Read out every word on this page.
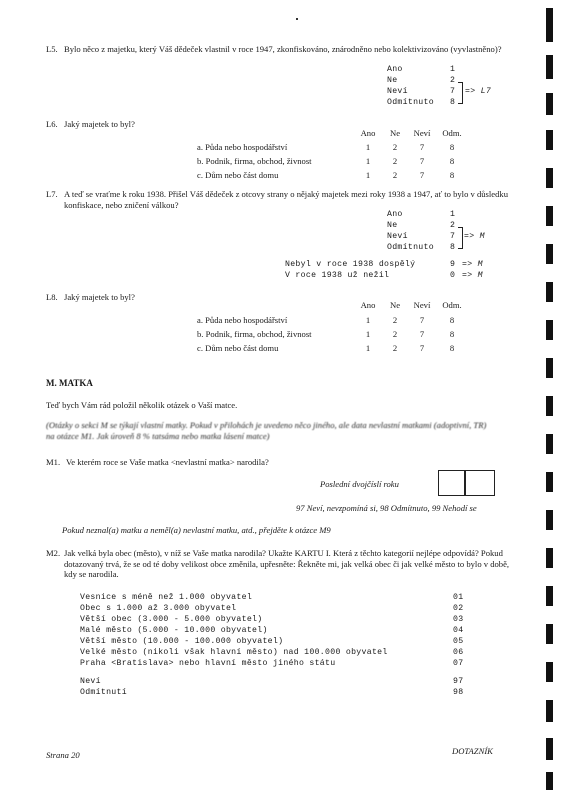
L5. Bylo něco z majetku, který Váš dědeček vlastnil v roce 1947, zkonfiskováno, znárodněno nebo kolektivizováno (vyvlastněno)?
Ano	1
Ne	2
Neví	7
Odmítnuto 8
=> L7
L6. Jaký majetek to byl?
Ano	Ne	Neví	Odm.
a. Půda nebo hospodářství	1	2	7	8
b. Podnik, firma, obchod, živnost	1	2	7	8
c. Dům nebo část domu	1	2	7	8
L7. A teď se vraťme k roku 1938. Přišel Váš dědeček z otcovy strany o nějaký majetek mezi roky 1938 a 1947, ať to bylo v důsledku konfiskace, nebo zničení válkou?
Ano	1
Ne	2
Neví	7
Odmítnuto 8
=> M
Nebyl v roce 1938 dospělý	9 => M
V roce 1938 už nežil	0 => M
L8. Jaký majetek to byl?
Ano	Ne	Neví	Odm.
a. Půda nebo hospodářství	1	2	7	8
b. Podnik, firma, obchod, živnost	1	2	7	8
c. Dům nebo část domu	1	2	7	8
M. MATKA
Teď bych Vám rád položil několik otázek o Vaší matce.
(Otázky o sekci M se týkají vlastní matky. Pokud v přilohách je uvedeno něco jiného, ale data nevlastní matkami (adoptivní, TR)
na otázce M1. Jak úroveň 8 % tatsáma nebo matka lásení matce)
M1. Ve kterém roce se Vaše matka <nevlastní matka> narodila?
Poslední dvojčíslí roku
97 Neví, nevzpomíná si, 98 Odmítnuto, 99 Nehodí se
Pokud neznal(a) matku a neměl(a) nevlastní matku, atd., přejděte k otázce M9
M2. Jak velká byla obec (město), v níž se Vaše matka narodila? Ukažte KARTU I. Která z těchto kategorií nejlépe odpovídá? Pokud dotazovaný trvá, že se od té doby velikost obce změnila, upřesněte: Řekněte mi, jak velká obec či jak velké město to bylo v době, kdy se narodila.
Vesnice s méně než 1.000 obyvatel	01
Obec s 1.000 až 3.000 obyvatel	02
Větší obec (3.000 - 5.000 obyvatel)	03
Malé město (5.000 - 10.000 obyvatel)	04
Větší město (10.000 - 100.000 obyvatel)	05
Velké město (nikoli však hlavní město) nad 100.000 obyvatel	06
Praha <Bratislava> nebo hlavní město jiného státu	07
Neví	97
Odmítnutí	98
Strana 20	DOTAZNÍK
